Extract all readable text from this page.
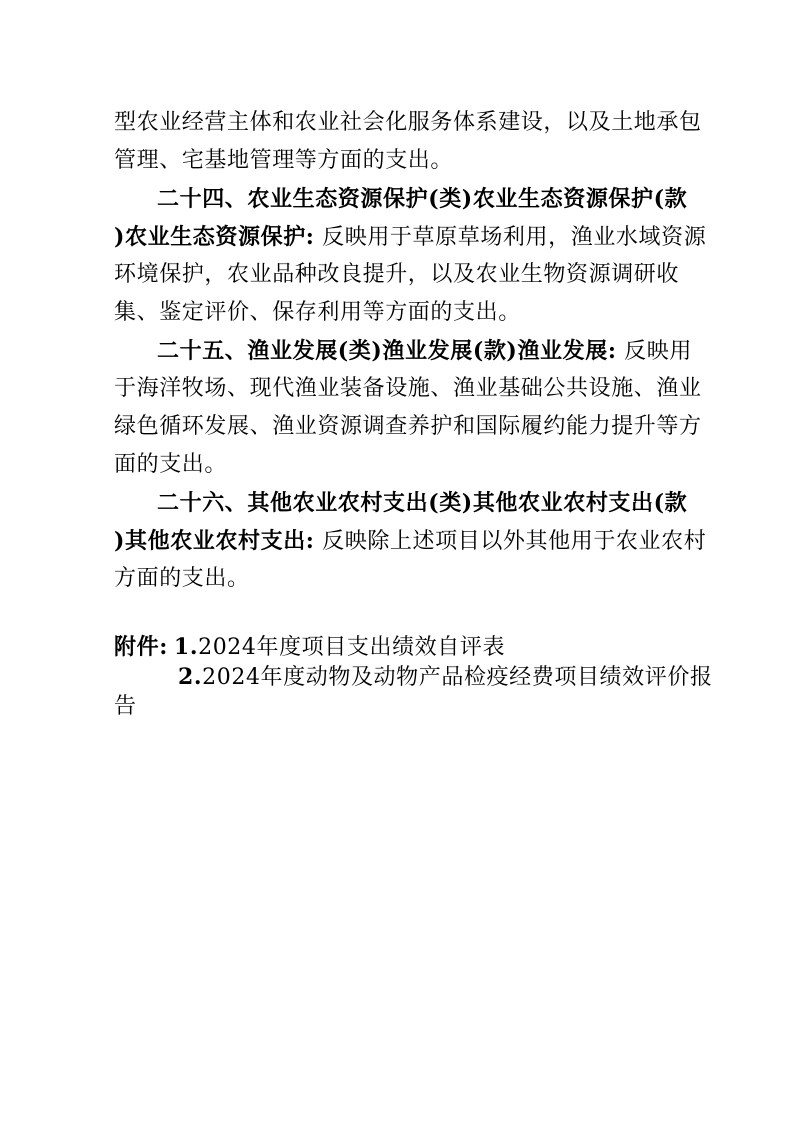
型农业经营主体和农业社会化服务体系建设，以及土地承包
管理、宅基地管理等方面的支出。
二十四、农业生态资源保护(类)农业生态资源保护(款
)农业生态资源保护: 反映用于草原草场利用，渔业水域资源
环境保护，农业品种改良提升，以及农业生物资源调研收
集、鉴定评价、保存利用等方面的支出。
二十五、渔业发展(类)渔业发展(款)渔业发展: 反映用
于海洋牧场、现代渔业装备设施、渔业基础公共设施、渔业
绿色循环发展、渔业资源调查养护和国际履约能力提升等方
面的支出。
二十六、其他农业农村支出(类)其他农业农村支出(款
)其他农业农村支出: 反映除上述项目以外其他用于农业农村
方面的支出。
附件: 1.2024年度项目支出绩效自评表
2.2024年度动物及动物产品检疫经费项目绩效评价报
告
